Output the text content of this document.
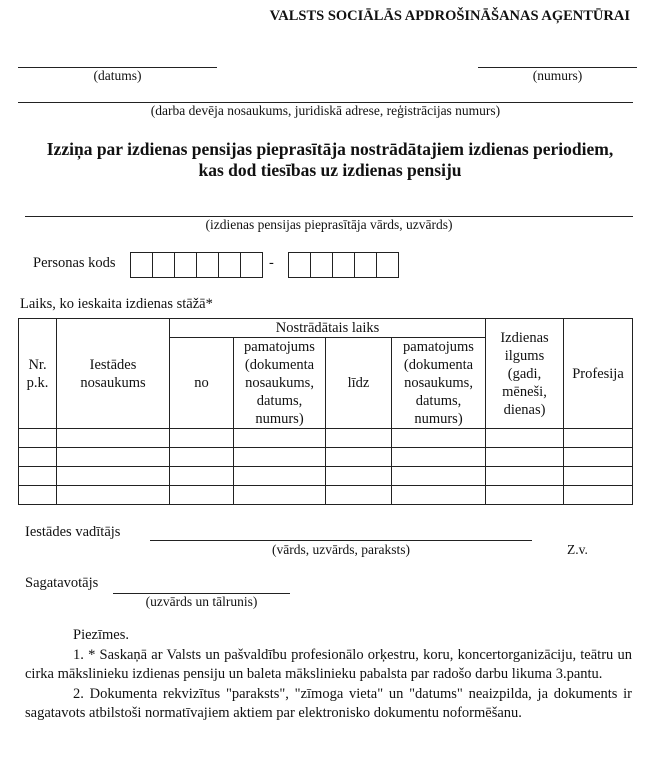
VALSTS SOCIĀLĀS APDROŠINĀŠANAS AĢENTŪRAI
(datums)	(numurs)
(darba devēja nosaukums, juridiskā adrese, reģistrācijas numurs)
Izziņa par izdienas pensijas pieprasītāja nostrādātajiem izdienas periodiem,
kas dod tiesības uz izdienas pensiju
(izdienas pensijas pieprasītāja vārds, uzvārds)
Personas kods	-
Laiks, ko ieskaita izdienas stāžā*
Nr. p.k.	Iestādes nosaukums	Nostrādātais laiks				Izdienas ilgums (gadi, mēneši, dienas)	Profesija
		no	pamatojums (dokumenta nosaukums, datums, numurs)	līdz	pamatojums (dokumenta nosaukums, datums, numurs)		

Iestādes vadītājs
(vārds, uzvārds, paraksts)	Z.v.
Sagatavotājs
(uzvārds un tālrunis)

Piezīmes.

1. * Saskaņā ar Valsts un pašvaldību profesionālo orķestru, koru, koncertorganizāciju, teātru un cirka mākslinieku izdienas pensiju un baleta mākslinieku pabalsta par radošo darbu likuma 3.pantu.

2. Dokumenta rekvizītus "paraksts", "zīmoga vieta" un "datums" neaizpilda, ja dokuments ir sagatavots atbilstoši normatīvajiem aktiem par elektronisko dokumentu noformēšanu.
